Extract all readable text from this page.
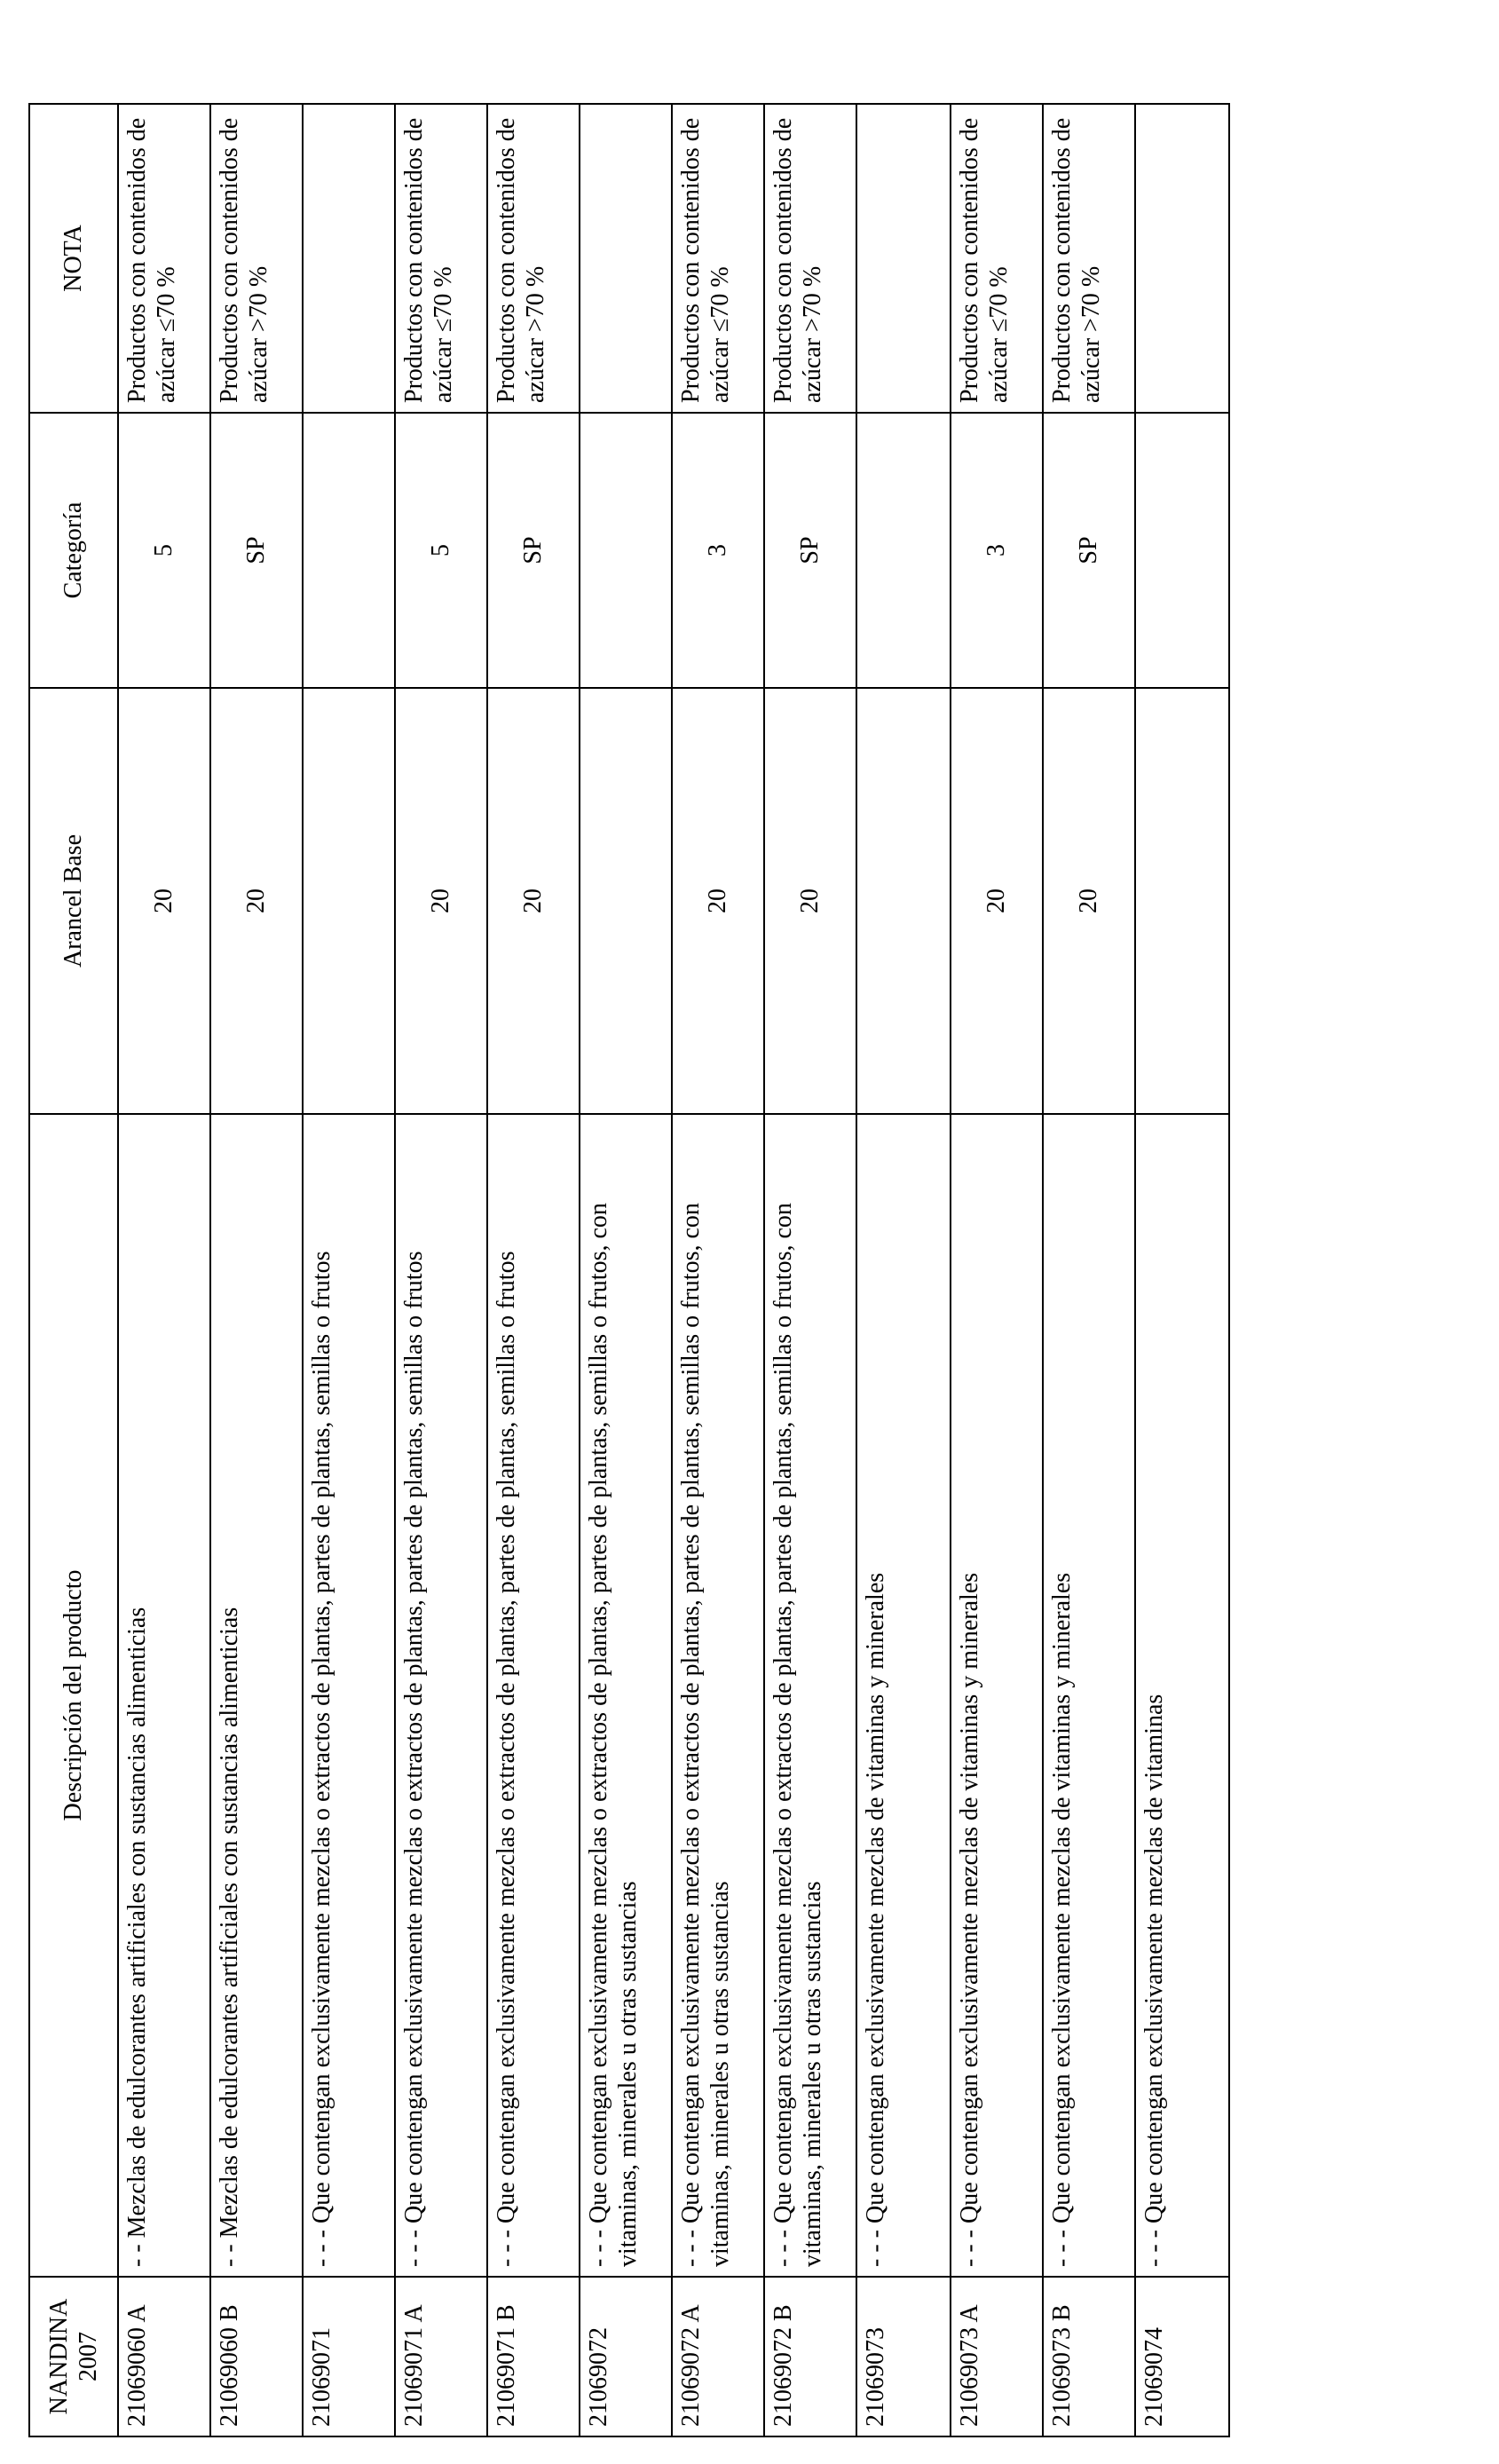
NANDINA 2007	Descripción del producto	Arancel Base	Categoría	NOTA
21069060 A	- - Mezclas de edulcorantes artificiales con sustancias alimenticias	20	5	Productos con contenidos de azúcar ≤70 %
21069060 B	- - Mezclas de edulcorantes artificiales con sustancias alimenticias	20	SP	Productos con contenidos de azúcar >70 %
21069071	- - - Que contengan exclusivamente mezclas o extractos de plantas, partes de plantas, semillas o frutos			
21069071 A	- - - Que contengan exclusivamente mezclas o extractos de plantas, partes de plantas, semillas o frutos	20	5	Productos con contenidos de azúcar ≤70 %
21069071 B	- - - Que contengan exclusivamente mezclas o extractos de plantas, partes de plantas, semillas o frutos	20	SP	Productos con contenidos de azúcar >70 %
21069072	- - - Que contengan exclusivamente mezclas o extractos de plantas, partes de plantas, semillas o frutos, con vitaminas, minerales u otras sustancias			
21069072 A	- - - Que contengan exclusivamente mezclas o extractos de plantas, partes de plantas, semillas o frutos, con vitaminas, minerales u otras sustancias	20	3	Productos con contenidos de azúcar ≤70 %
21069072 B	- - - Que contengan exclusivamente mezclas o extractos de plantas, partes de plantas, semillas o frutos, con vitaminas, minerales u otras sustancias	20	SP	Productos con contenidos de azúcar >70 %
21069073	- - - Que contengan exclusivamente mezclas de vitaminas y minerales			
21069073 A	- - - Que contengan exclusivamente mezclas de vitaminas y minerales	20	3	Productos con contenidos de azúcar ≤70 %
21069073 B	- - - Que contengan exclusivamente mezclas de vitaminas y minerales	20	SP	Productos con contenidos de azúcar >70 %
21069074	- - - Que contengan exclusivamente mezclas de vitaminas			
